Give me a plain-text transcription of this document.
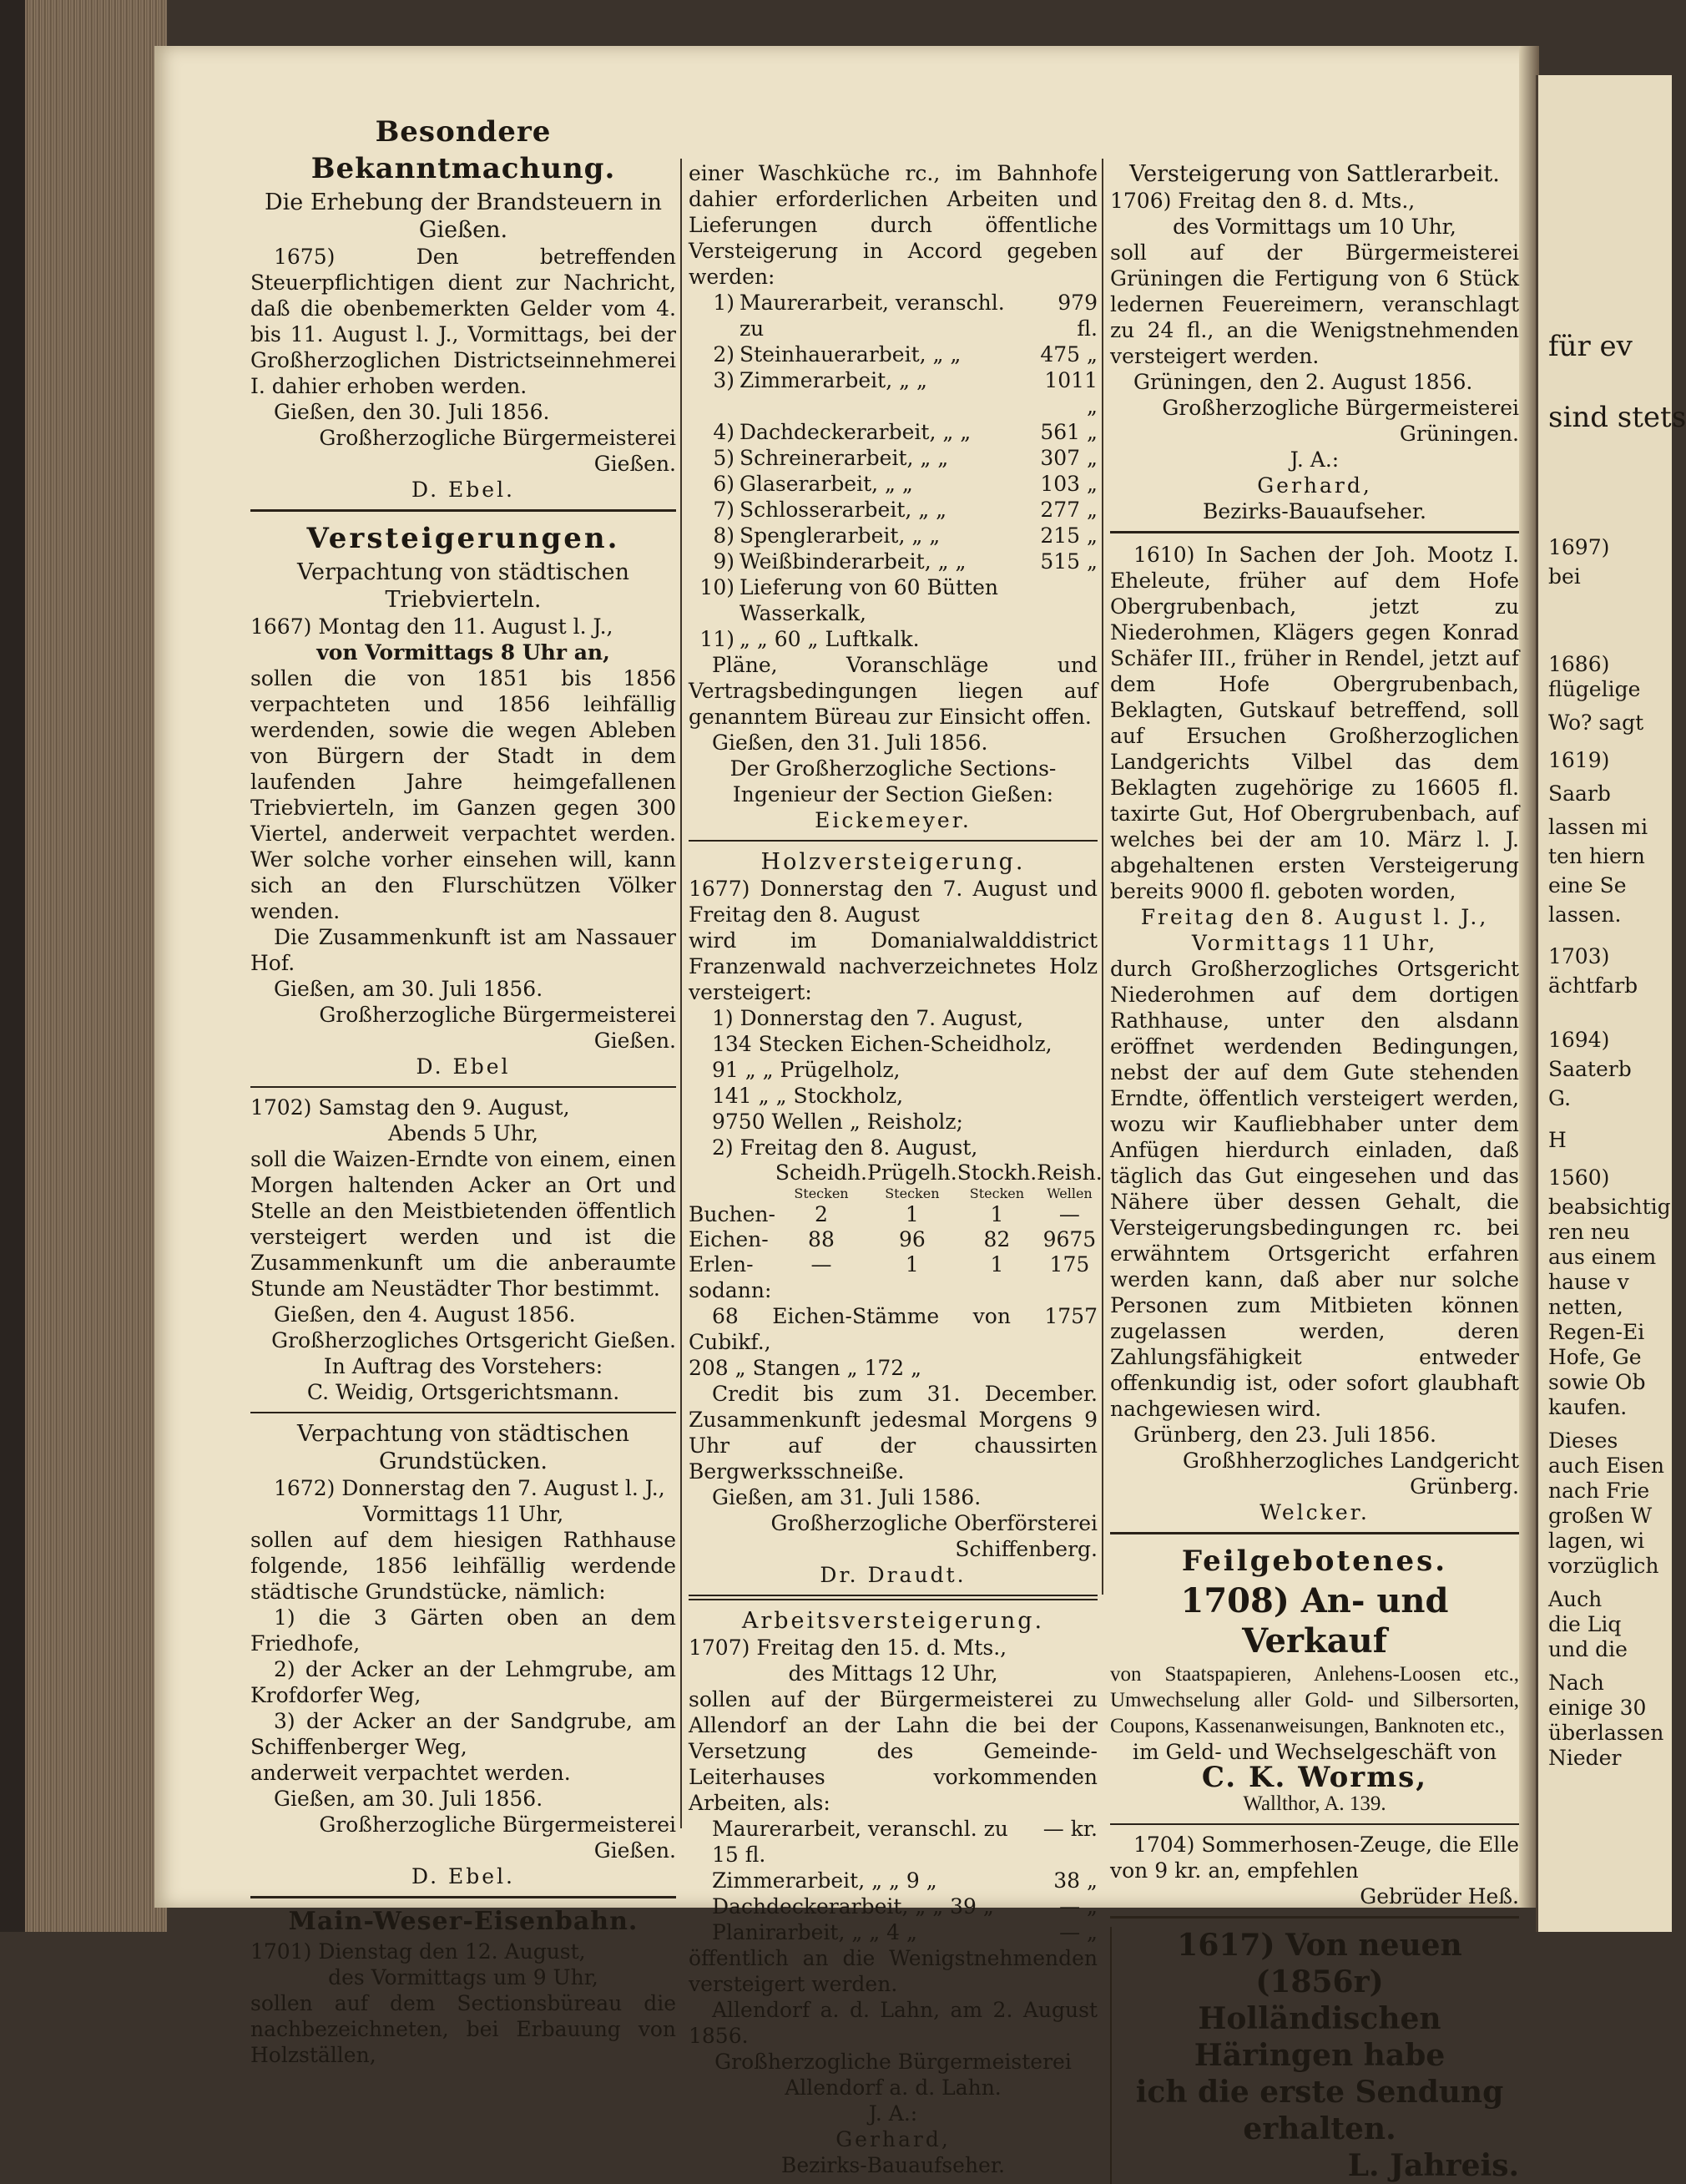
Besondere Bekanntmachung.
Die Erhebung der Brandsteuern in Gießen.

1675) Den betreffenden Steuerpflichtigen dient zur Nachricht, daß die obenbemerkten Gelder vom 4. bis 11. August l. J., Vormittags, bei der Großherzoglichen Districtseinnehmerei I. dahier erhoben werden.

Gießen, den 30. Juli 1856.

Großherzogliche Bürgermeisterei Gießen.

D. Ebel.

Versteigerungen.
Verpachtung von städtischen Triebvierteln.

1667) Montag den 11. August l. J.,

von Vormittags 8 Uhr an,

sollen die von 1851 bis 1856 verpachteten und 1856 leihfällig werdenden, sowie die wegen Ableben von Bürgern der Stadt in dem laufenden Jahre heimgefallenen Triebvierteln, im Ganzen gegen 300 Viertel, anderweit verpachtet werden. Wer solche vorher einsehen will, kann sich an den Flurschützen Völker wenden.

Die Zusammenkunft ist am Nassauer Hof.

Gießen, am 30. Juli 1856.

Großherzogliche Bürgermeisterei Gießen.

D. Ebel

1702) Samstag den 9. August,

Abends 5 Uhr,

soll die Waizen-Erndte von einem, einen Morgen haltenden Acker an Ort und Stelle an den Meistbietenden öffentlich versteigert werden und ist die Zusammenkunft um die anberaumte Stunde am Neustädter Thor bestimmt.

Gießen, den 4. August 1856.

Großherzogliches Ortsgericht Gießen.

In Auftrag des Vorstehers:

C. Weidig, Ortsgerichtsmann.

Verpachtung von städtischen Grundstücken.

1672) Donnerstag den 7. August l. J.,

Vormittags 11 Uhr,

sollen auf dem hiesigen Rathhause folgende, 1856 leihfällig werdende städtische Grundstücke, nämlich:

1) die 3 Gärten oben an dem Friedhofe,

2) der Acker an der Lehmgrube, am Krofdorfer Weg,

3) der Acker an der Sandgrube, am Schiffenberger Weg,

anderweit verpachtet werden.

Gießen, am 30. Juli 1856.

Großherzogliche Bürgermeisterei Gießen.

D. Ebel.

Main-Weser-Eisenbahn.

1701) Dienstag den 12. August,

des Vormittags um 9 Uhr,

sollen auf dem Sectionsbüreau die nachbezeichneten, bei Erbauung von Holzställen,

einer Waschküche rc., im Bahnhofe dahier erforderlichen Arbeiten und Lieferungen durch öffentliche Versteigerung in Accord gegeben werden:

1)	Maurerarbeit, veranschl. zu	979 fl.
2)	Steinhauerarbeit, „ „	475 „
3)	Zimmerarbeit, „ „	1011 „
4)	Dachdeckerarbeit, „ „	561 „
5)	Schreinerarbeit, „ „	307 „
6)	Glaserarbeit, „ „	103 „
7)	Schlosserarbeit, „ „	277 „
8)	Spenglerarbeit, „ „	215 „
9)	Weißbinderarbeit, „ „	515 „
10)	Lieferung von 60 Bütten Wasserkalk,	
11)	„ „ 60 „ Luftkalk.	

Pläne, Voranschläge und Vertragsbedingungen liegen auf genanntem Büreau zur Einsicht offen.

Gießen, den 31. Juli 1856.

Der Großherzogliche Sections-Ingenieur der Section Gießen:

Eickemeyer.

Holzversteigerung.

1677) Donnerstag den 7. August und Freitag den 8. August

wird im Domanialwalddistrict Franzenwald nachverzeichnetes Holz versteigert:

1) Donnerstag den 7. August,

134 Stecken Eichen-Scheidholz,

91 „ „ Prügelholz,

141 „ „ Stockholz,

9750 Wellen „ Reisholz;

2) Freitag den 8. August,

	Scheidh.	Prügelh.	Stockh.	Reish.
	Stecken	Stecken	Stecken	Wellen
Buchen-	2	1	1	—
Eichen-	88	96	82	9675
Erlen-	—	1	1	175

sodann:

68 Eichen-Stämme von 1757 Cubikf.,

208 „ Stangen „ 172 „

Credit bis zum 31. December. Zusammenkunft jedesmal Morgens 9 Uhr auf der chaussirten Bergwerksschneiße.

Gießen, am 31. Juli 1586.

Großherzogliche Oberförsterei Schiffenberg.

Dr. Draudt.

Arbeitsversteigerung.

1707) Freitag den 15. d. Mts.,

des Mittags 12 Uhr,

sollen auf der Bürgermeisterei zu Allendorf an der Lahn die bei der Versetzung des Gemeinde-Leiterhauses vorkommenden Arbeiten, als:

Maurerarbeit, veranschl. zu 15 fl.	— kr.
Zimmerarbeit, „ „ 9 „	38 „
Dachdeckerarbeit, „ „ 39 „	— „
Planirarbeit, „ „ 4 „	— „

öffentlich an die Wenigstnehmenden versteigert werden.

Allendorf a. d. Lahn, am 2. August 1856.

Großherzogliche Bürgermeisterei Allendorf a. d. Lahn.

J. A.:

Gerhard,

Bezirks-Bauaufseher.

Versteigerung von Sattlerarbeit.

1706) Freitag den 8. d. Mts.,

des Vormittags um 10 Uhr,

soll auf der Bürgermeisterei Grüningen die Fertigung von 6 Stück ledernen Feuereimern, veranschlagt zu 24 fl., an die Wenigstnehmenden versteigert werden.

Grüningen, den 2. August 1856.

Großherzogliche Bürgermeisterei Grüningen.

J. A.:

Gerhard,

Bezirks-Bauaufseher.

1610) In Sachen der Joh. Mootz I. Eheleute, früher auf dem Hofe Obergrubenbach, jetzt zu Niederohmen, Klägers gegen Konrad Schäfer III., früher in Rendel, jetzt auf dem Hofe Obergrubenbach, Beklagten, Gutskauf betreffend, soll auf Ersuchen Großherzoglichen Landgerichts Vilbel das dem Beklagten zugehörige zu 16605 fl. taxirte Gut, Hof Obergrubenbach, auf welches bei der am 10. März l. J. abgehaltenen ersten Versteigerung bereits 9000 fl. geboten worden,

Freitag den 8. August l. J.,

Vormittags 11 Uhr,

durch Großherzogliches Ortsgericht Niederohmen auf dem dortigen Rathhause, unter den alsdann eröffnet werdenden Bedingungen, nebst der auf dem Gute stehenden Erndte, öffentlich versteigert werden, wozu wir Kaufliebhaber unter dem Anfügen hierdurch einladen, daß täglich das Gut eingesehen und das Nähere über dessen Gehalt, die Versteigerungsbedingungen rc. bei erwähntem Ortsgericht erfahren werden kann, daß aber nur solche Personen zum Mitbieten können zugelassen werden, deren Zahlungsfähigkeit entweder offenkundig ist, oder sofort glaubhaft nachgewiesen wird.

Grünberg, den 23. Juli 1856.

Großhherzogliches Landgericht Grünberg.

Welcker.

Feilgebotenes.
1708) An- und Verkauf

von Staatspapieren, Anlehens-Loosen etc., Umwechselung aller Gold- und Silbersorten, Coupons, Kassenanweisungen, Banknoten etc.,

im Geld- und Wechselgeschäft von

C. K. Worms,

Wallthor, A. 139.

1704) Sommerhosen-Zeuge, die Elle von 9 kr. an, empfehlen

Gebrüder Heß.

1617) Von neuen (1856r)
Holländischen Häringen habe
ich die erste Sendung erhalten.
L. Jahreis.
für ev
sind stets
1697)
bei
1686)
flügelige
Wo? sagt
1619)
Saarb
lassen mi
ten hiern
eine Se
lassen.
1703)
ächtfarb
1694)
Saaterb
G.
H
1560)
beabsichtig
ren neu
aus einem
hause v
netten,
Regen-Ei
Hofe, Ge
sowie Ob
kaufen.
Dieses
auch Eisen
nach Frie
großen W
lagen, wi
vorzüglich
Auch
die Liq
und die
Nach
einige 30
überlassen
Nieder
